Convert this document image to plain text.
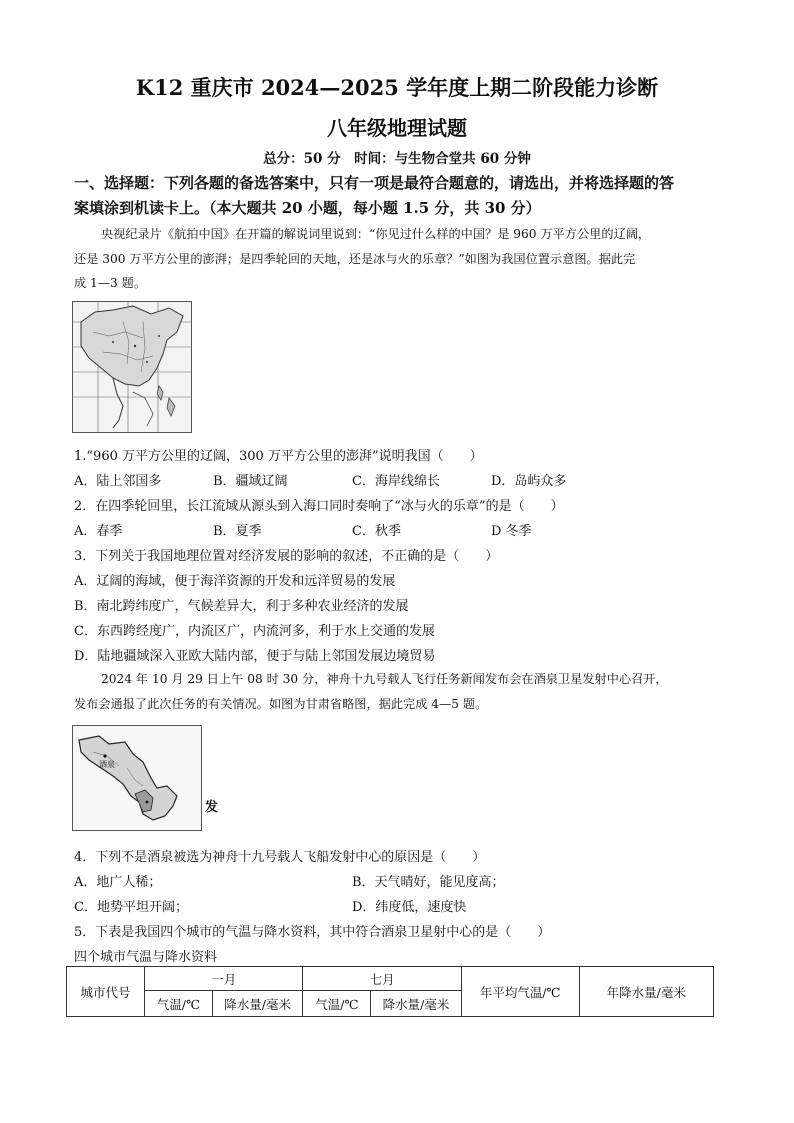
K12 重庆市 2024—2025 学年度上期二阶段能力诊断
八年级地理试题
总分：50 分　时间：与生物合堂共 60 分钟
一、选择题：下列各题的备选答案中，只有一项是最符合题意的，请选出，并将选择题的答
案填涂到机读卡上。（本大题共 20 小题，每小题 1.5 分，共 30 分）
央视纪录片《航拍中国》在开篇的解说词里说到：“你见过什么样的中国？是 960 万平方公里的辽阔，
还是 300 万平方公里的澎湃；是四季轮回的天地，还是冰与火的乐章？”如图为我国位置示意图。据此完
成 1—3 题。
1.“960 万平方公里的辽阔，300 万平方公里的澎湃”说明我国（　　）
A．陆上邻国多	B．疆域辽阔	C．海岸线绵长	D．岛屿众多
2．在四季轮回里，长江流域从源头到入海口同时奏响了“冰与火的乐章”的是（　　）
A．春季	B．夏季	C．秋季	D 冬季
3．下列关于我国地理位置对经济发展的影响的叙述，不正确的是（　　）
A．辽阔的海域，便于海洋资源的开发和远洋贸易的发展
B．南北跨纬度广，气候差异大，利于多种农业经济的发展
C．东西跨经度广，内流区广，内流河多，利于水上交通的发展
D．陆地疆域深入亚欧大陆内部，便于与陆上邻国发展边境贸易
2024 年 10 月 29 日上午 08 时 30 分，神舟十九号载人飞行任务新闻发布会在酒泉卫星发射中心召开，
发布会通报了此次任务的有关情况。如图为甘肃省略图，据此完成 4—5 题。
酒泉
发
4．下列不是酒泉被选为神舟十九号载人飞船发射中心的原因是（　　）
A．地广人稀；	B．天气晴好，能见度高；
C．地势平坦开阔；	D．纬度低，速度快
5．下表是我国四个城市的气温与降水资料，其中符合酒泉卫星射中心的是（　　）
四个城市气温与降水资料
城市代号	一月		七月		年平均气温/℃	年降水量/毫米
	气温/℃	降水量/毫米	气温/℃	降水量/毫米		
